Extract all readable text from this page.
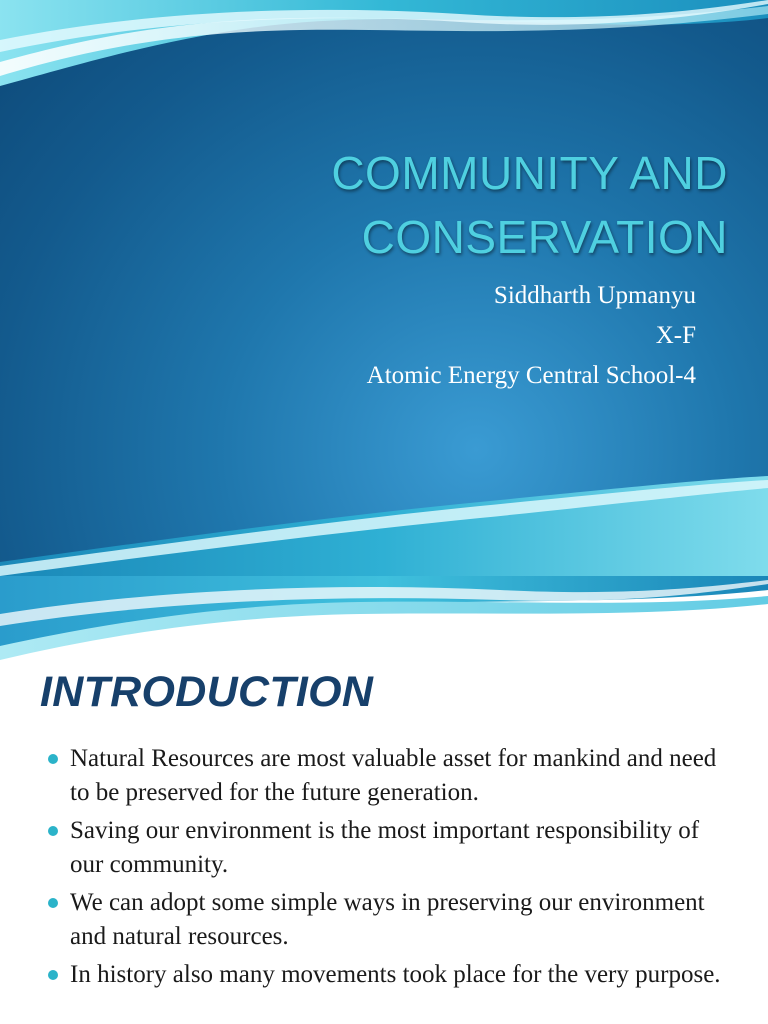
COMMUNITY AND
CONSERVATION
Siddharth Upmanyu
X-F
Atomic Energy Central School-4
INTRODUCTION
Natural Resources are most valuable asset for mankind and need to be preserved for the future generation.
Saving our environment is the most important responsibility of our community.
We can adopt some simple ways in preserving our environment and natural resources.
In history also many movements took place for the very purpose.
